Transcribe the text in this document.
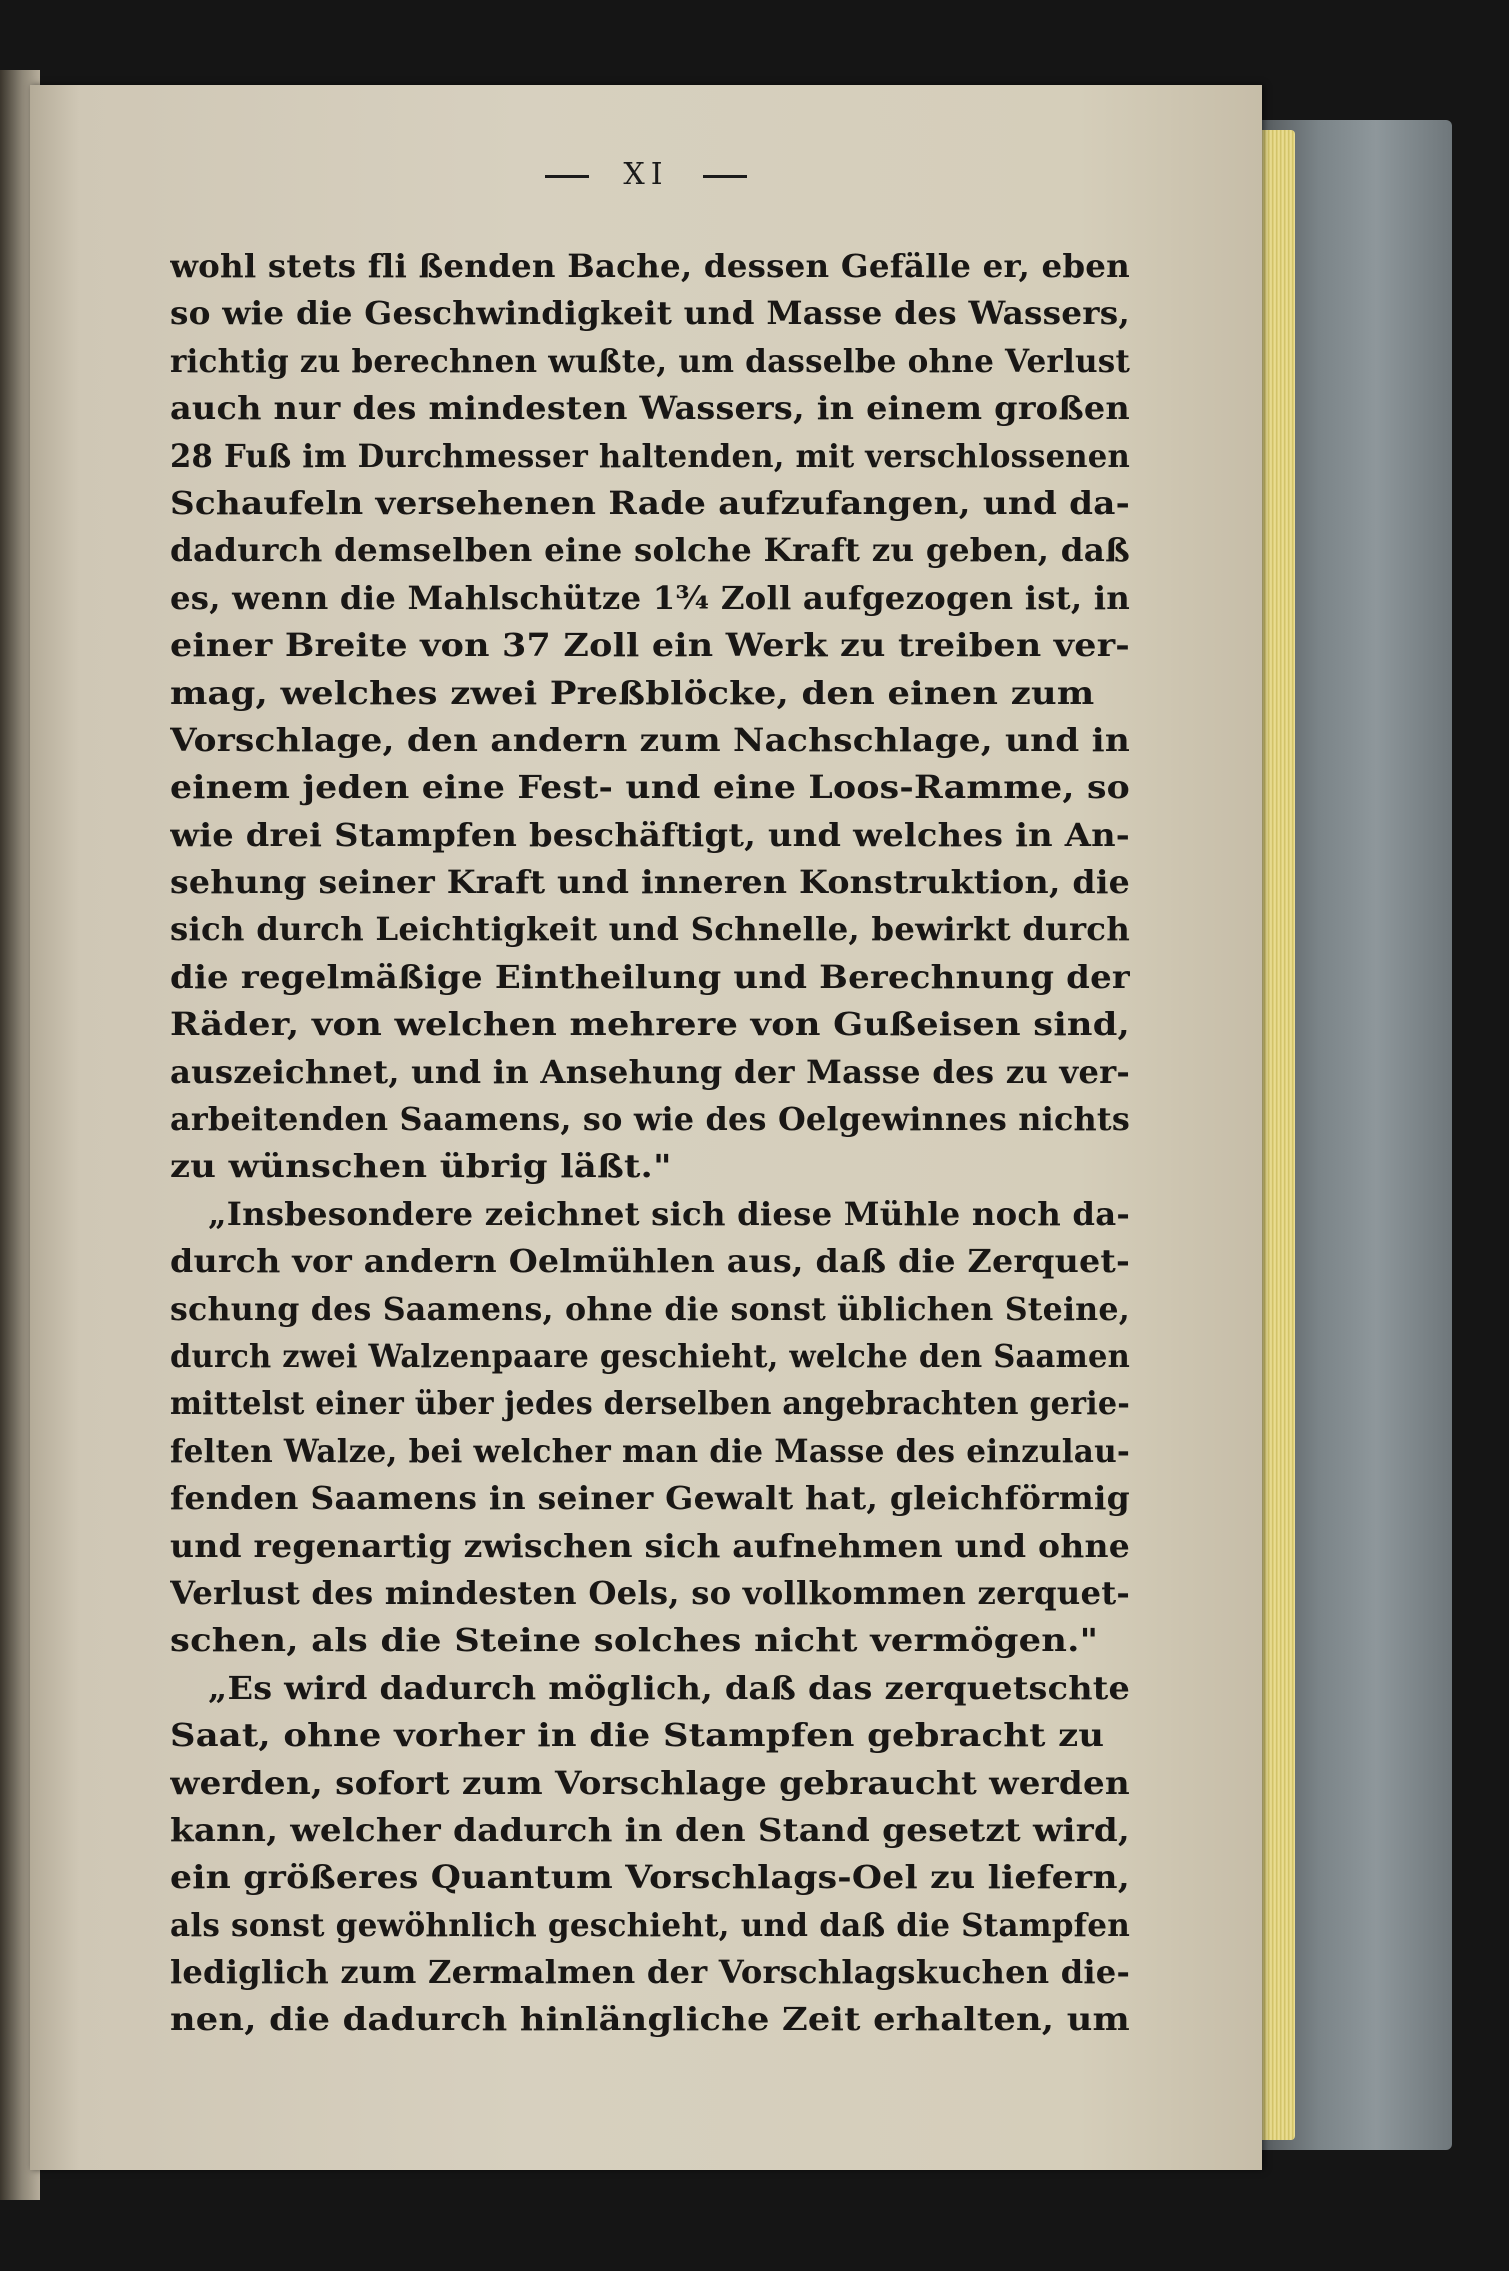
XI
wohl stets fli ßenden Bache, dessen Gefälle er, eben
so wie die Geschwindigkeit und Masse des Wassers,
richtig zu berechnen wußte, um dasselbe ohne Verlust
auch nur des mindesten Wassers, in einem großen
28 Fuß im Durchmesser haltenden, mit verschlossenen
Schaufeln versehenen Rade aufzufangen, und da-
dadurch demselben eine solche Kraft zu geben, daß
es, wenn die Mahlschütze 1¾ Zoll aufgezogen ist, in
einer Breite von 37 Zoll ein Werk zu treiben ver-
mag, welches zwei Preßblöcke, den einen zum
Vorschlage, den andern zum Nachschlage, und in
einem jeden eine Fest- und eine Loos-Ramme, so
wie drei Stampfen beschäftigt, und welches in An-
sehung seiner Kraft und inneren Konstruktion, die
sich durch Leichtigkeit und Schnelle, bewirkt durch
die regelmäßige Eintheilung und Berechnung der
Räder, von welchen mehrere von Gußeisen sind,
auszeichnet, und in Ansehung der Masse des zu ver-
arbeitenden Saamens, so wie des Oelgewinnes nichts
zu wünschen übrig läßt."
„Insbesondere zeichnet sich diese Mühle noch da-
durch vor andern Oelmühlen aus, daß die Zerquet-
schung des Saamens, ohne die sonst üblichen Steine,
durch zwei Walzenpaare geschieht, welche den Saamen
mittelst einer über jedes derselben angebrachten gerie-
felten Walze, bei welcher man die Masse des einzulau-
fenden Saamens in seiner Gewalt hat, gleichförmig
und regenartig zwischen sich aufnehmen und ohne
Verlust des mindesten Oels, so vollkommen zerquet-
schen, als die Steine solches nicht vermögen."
„Es wird dadurch möglich, daß das zerquetschte
Saat, ohne vorher in die Stampfen gebracht zu
werden, sofort zum Vorschlage gebraucht werden
kann, welcher dadurch in den Stand gesetzt wird,
ein größeres Quantum Vorschlags-Oel zu liefern,
als sonst gewöhnlich geschieht, und daß die Stampfen
lediglich zum Zermalmen der Vorschlagskuchen die-
nen, die dadurch hinlängliche Zeit erhalten, um
